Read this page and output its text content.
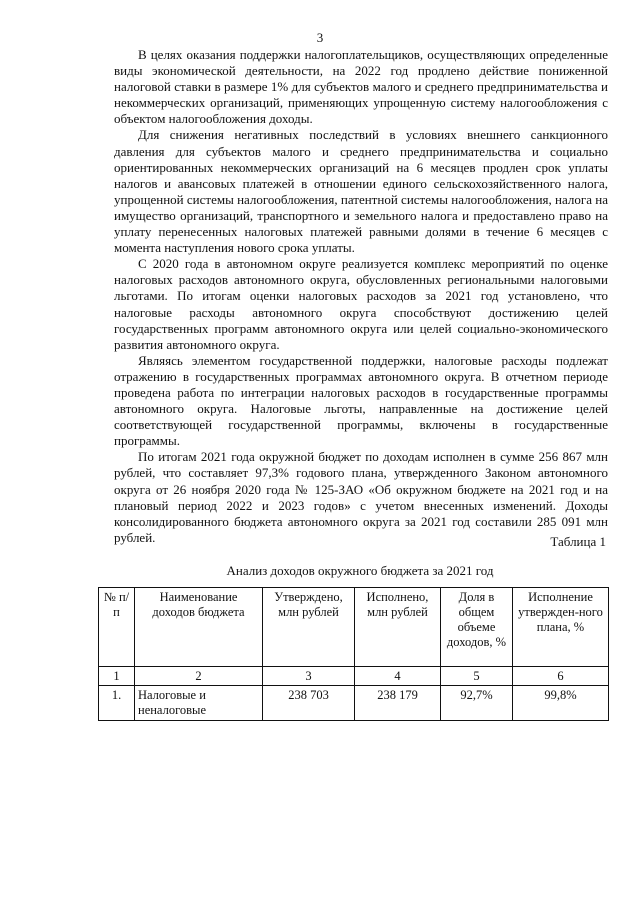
3

В целях оказания поддержки налогоплательщиков, осуществляющих определенные виды экономической деятельности, на 2022 год продлено действие пониженной налоговой ставки в размере 1% для субъектов малого и среднего предпринимательства и некоммерческих организаций, применяющих упрощенную систему налогообложения с объектом налогообложения доходы.

Для снижения негативных последствий в условиях внешнего санкционного давления для субъектов малого и среднего предпринимательства и социально ориентированных некоммерческих организаций на 6 месяцев продлен срок уплаты налогов и авансовых платежей в отношении единого сельскохозяйственного налога, упрощенной системы налогообложения, патентной системы налогообложения, налога на имущество организаций, транспортного и земельного налога и предоставлено право на уплату перенесенных налоговых платежей равными долями в течение 6 месяцев с момента наступления нового срока уплаты.

С 2020 года в автономном округе реализуется комплекс мероприятий по оценке налоговых расходов автономного округа, обусловленных региональными налоговыми льготами. По итогам оценки налоговых расходов за 2021 год установлено, что налоговые расходы автономного округа способствуют достижению целей государственных программ автономного округа или целей социально-экономического развития автономного округа.

Являясь элементом государственной поддержки, налоговые расходы подлежат отражению в государственных программах автономного округа. В отчетном периоде проведена работа по интеграции налоговых расходов в государственные программы автономного округа. Налоговые льготы, направленные на достижение целей соответствующей государственной программы, включены в государственные программы.

По итогам 2021 года окружной бюджет по доходам исполнен в сумме 256 867 млн рублей, что составляет 97,3% годового плана, утвержденного Законом автономного округа от 26 ноября 2020 года № 125-ЗАО «Об окружном бюджете на 2021 год и на плановый период 2022 и 2023 годов» с учетом внесенных изменений. Доходы консолидированного бюджета автономного округа за 2021 год составили 285 091 млн рублей.	Таблица 1
Анализ доходов окружного бюджета за 2021 год
№ п/п	Наименование доходов бюджета	Утверждено, млн рублей	Исполнено, млн рублей	Доля в общем объеме доходов, %	Исполнение утвержден-ного плана, %
1	2	3	4	5	6
1.	Налоговые и неналоговые	238 703	238 179	92,7%	99,8%
